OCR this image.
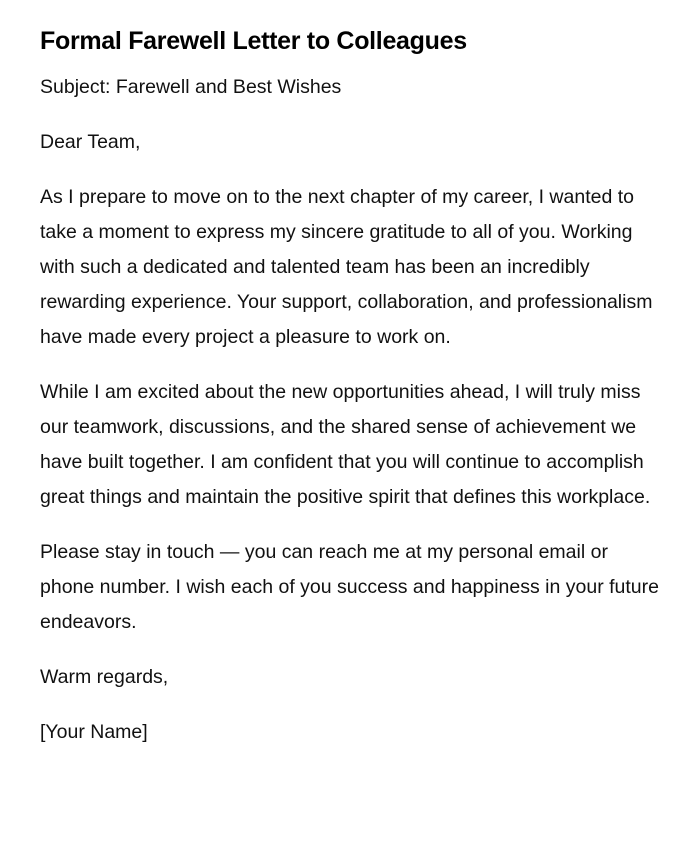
Formal Farewell Letter to Colleagues

Subject: Farewell and Best Wishes

Dear Team,

As I prepare to move on to the next chapter of my career, I wanted to take a moment to express my sincere gratitude to all of you. Working with such a dedicated and talented team has been an incredibly rewarding experience. Your support, collaboration, and professionalism have made every project a pleasure to work on.

While I am excited about the new opportunities ahead, I will truly miss our teamwork, discussions, and the shared sense of achievement we have built together. I am confident that you will continue to accomplish great things and maintain the positive spirit that defines this workplace.

Please stay in touch — you can reach me at my personal email or phone number. I wish each of you success and happiness in your future endeavors.

Warm regards,

[Your Name]
